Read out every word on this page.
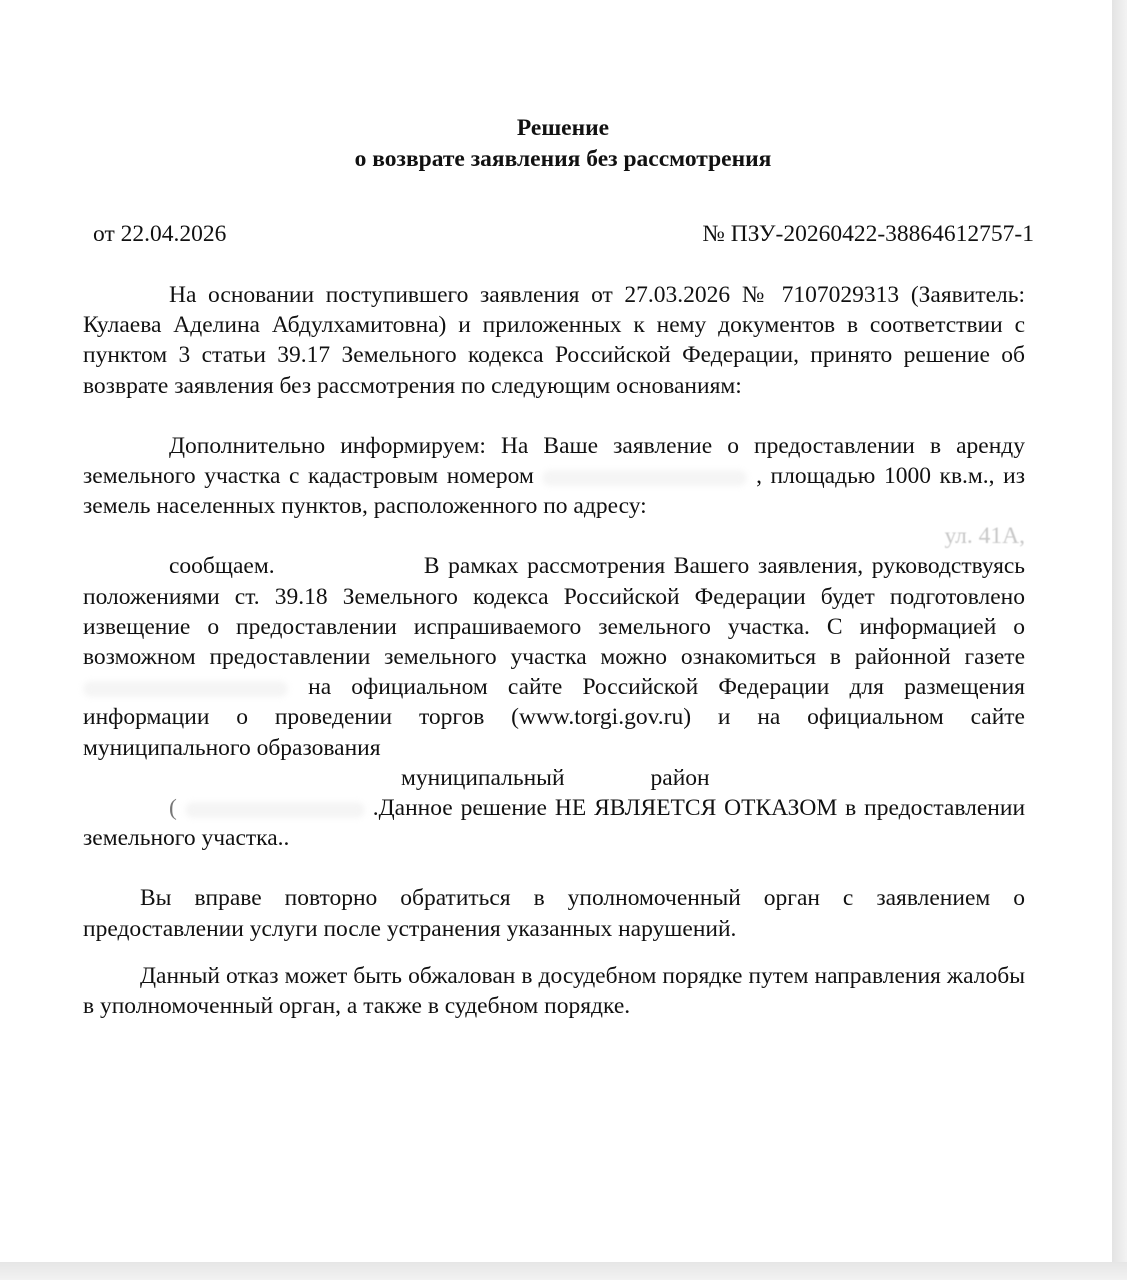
Решение
о возврате заявления без рассмотрения
от 22.04.2026	№ ПЗУ-20260422-38864612757-1

На основании поступившего заявления от 27.03.2026 № 7107029313 (Заявитель: Кулаева Аделина Абдулхамитовна) и приложенных к нему документов в соответствии с пунктом 3 статьи 39.17 Земельного кодекса Российской Федерации, принято решение об возврате заявления без рассмотрения по следующим основаниям:

Дополнительно информируем: На Ваше заявление о предоставлении в аренду земельного участка с кадастровым номером	, площадью 1000 кв.м., из земель населенных пунктов, расположенного по адресу:

ул. 41А,

сообщаем.	В рамках рассмотрения Вашего заявления, руководствуясь положениями ст. 39.18 Земельного кодекса Российской Федерации будет подготовлено извещение о предоставлении испрашиваемого земельного участка. С информацией о возможном предоставлении земельного участка можно ознакомиться в районной газете  на официальном сайте Российской Федерации для размещения информации о проведении торгов (www.torgi.gov.ru) и на официальном сайте муниципального образования

муниципальный	район

(	.Данное решение НЕ ЯВЛЯЕТСЯ ОТКАЗОМ в предоставлении земельного участка..

Вы вправе повторно обратиться в уполномоченный орган с заявлением о предоставлении услуги после устранения указанных нарушений.

Данный отказ может быть обжалован в досудебном порядке путем направления жалобы в уполномоченный орган, а также в судебном порядке.
